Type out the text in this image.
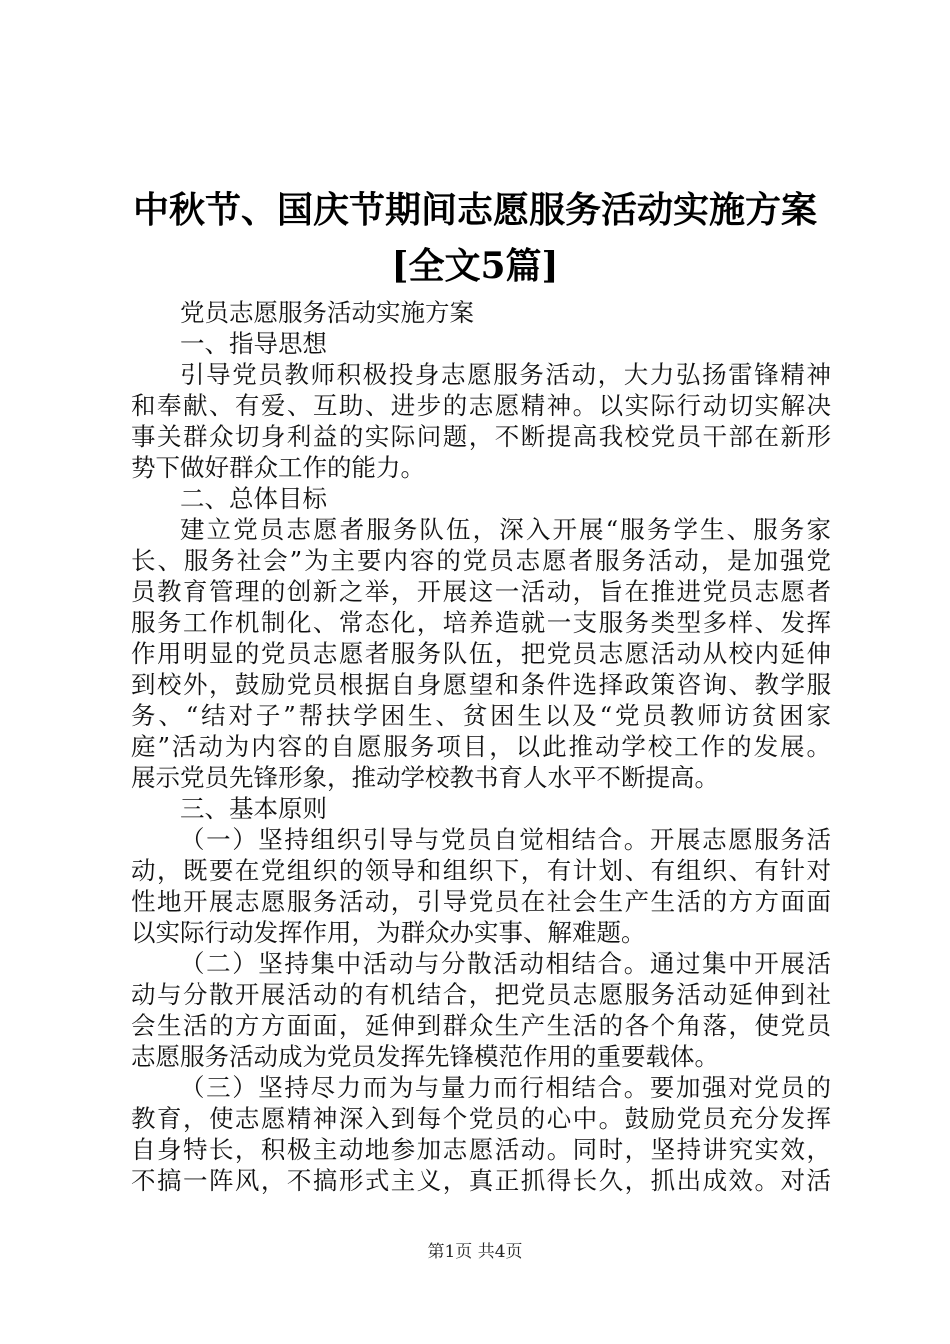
中秋节、国庆节期间志愿服务活动实施方案
[全文5篇]
党员志愿服务活动实施方案
一、指导思想
引导党员教师积极投身志愿服务活动，大力弘扬雷锋精神
和奉献、有爱、互助、进步的志愿精神。以实际行动切实解决
事关群众切身利益的实际问题，不断提高我校党员干部在新形
势下做好群众工作的能力。
二、总体目标
建立党员志愿者服务队伍，深入开展“服务学生、服务家
长、服务社会”为主要内容的党员志愿者服务活动，是加强党
员教育管理的创新之举，开展这一活动，旨在推进党员志愿者
服务工作机制化、常态化，培养造就一支服务类型多样、发挥
作用明显的党员志愿者服务队伍，把党员志愿活动从校内延伸
到校外，鼓励党员根据自身愿望和条件选择政策咨询、教学服
务、“结对子”帮扶学困生、贫困生以及“党员教师访贫困家
庭”活动为内容的自愿服务项目，以此推动学校工作的发展。
展示党员先锋形象，推动学校教书育人水平不断提高。
三、基本原则
（一）坚持组织引导与党员自觉相结合。开展志愿服务活
动，既要在党组织的领导和组织下，有计划、有组织、有针对
性地开展志愿服务活动，引导党员在社会生产生活的方方面面
以实际行动发挥作用，为群众办实事、解难题。
（二）坚持集中活动与分散活动相结合。通过集中开展活
动与分散开展活动的有机结合，把党员志愿服务活动延伸到社
会生活的方方面面，延伸到群众生产生活的各个角落，使党员
志愿服务活动成为党员发挥先锋模范作用的重要载体。
（三）坚持尽力而为与量力而行相结合。要加强对党员的
教育，使志愿精神深入到每个党员的心中。鼓励党员充分发挥
自身特长，积极主动地参加志愿活动。同时，坚持讲究实效，
不搞一阵风，不搞形式主义，真正抓得长久，抓出成效。对活
第1页 共4页
